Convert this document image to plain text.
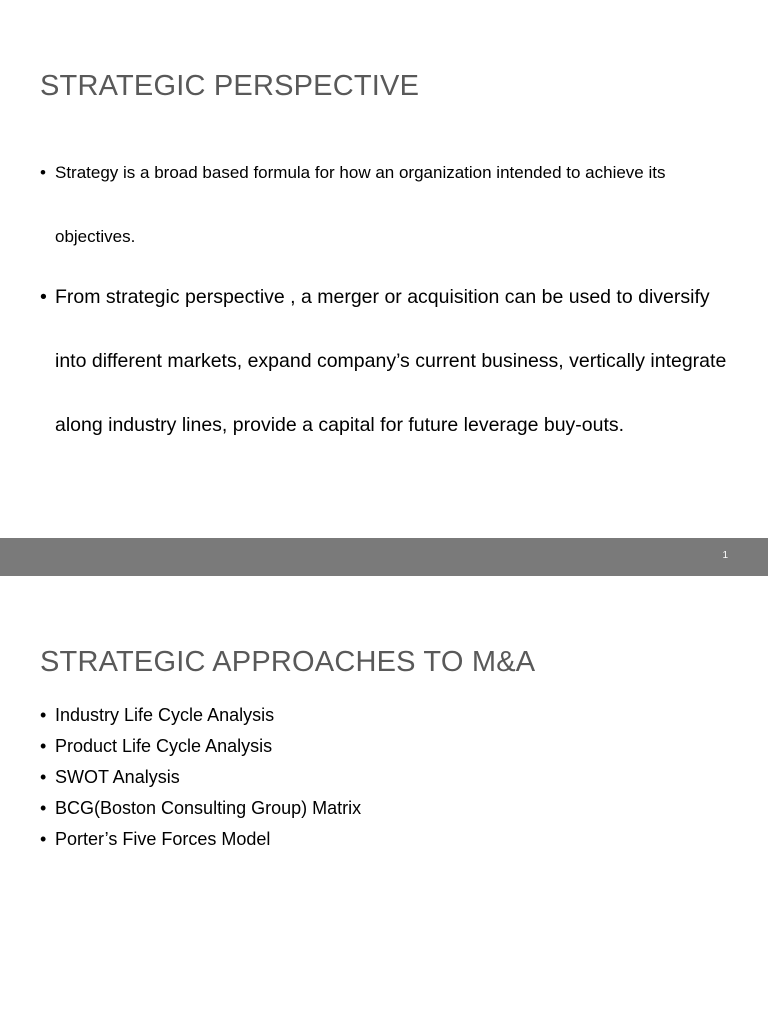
STRATEGIC PERSPECTIVE
• Strategy is a broad based formula for how an organization intended to achieve its objectives.
• From strategic perspective , a merger or acquisition can be used to diversify into different markets, expand company’s current business, vertically integrate along industry lines, provide a capital for future leverage buy-outs.
1
STRATEGIC APPROACHES TO M&A
• Industry Life Cycle Analysis
• Product Life Cycle Analysis
• SWOT Analysis
• BCG(Boston Consulting Group) Matrix
• Porter’s Five Forces Model
